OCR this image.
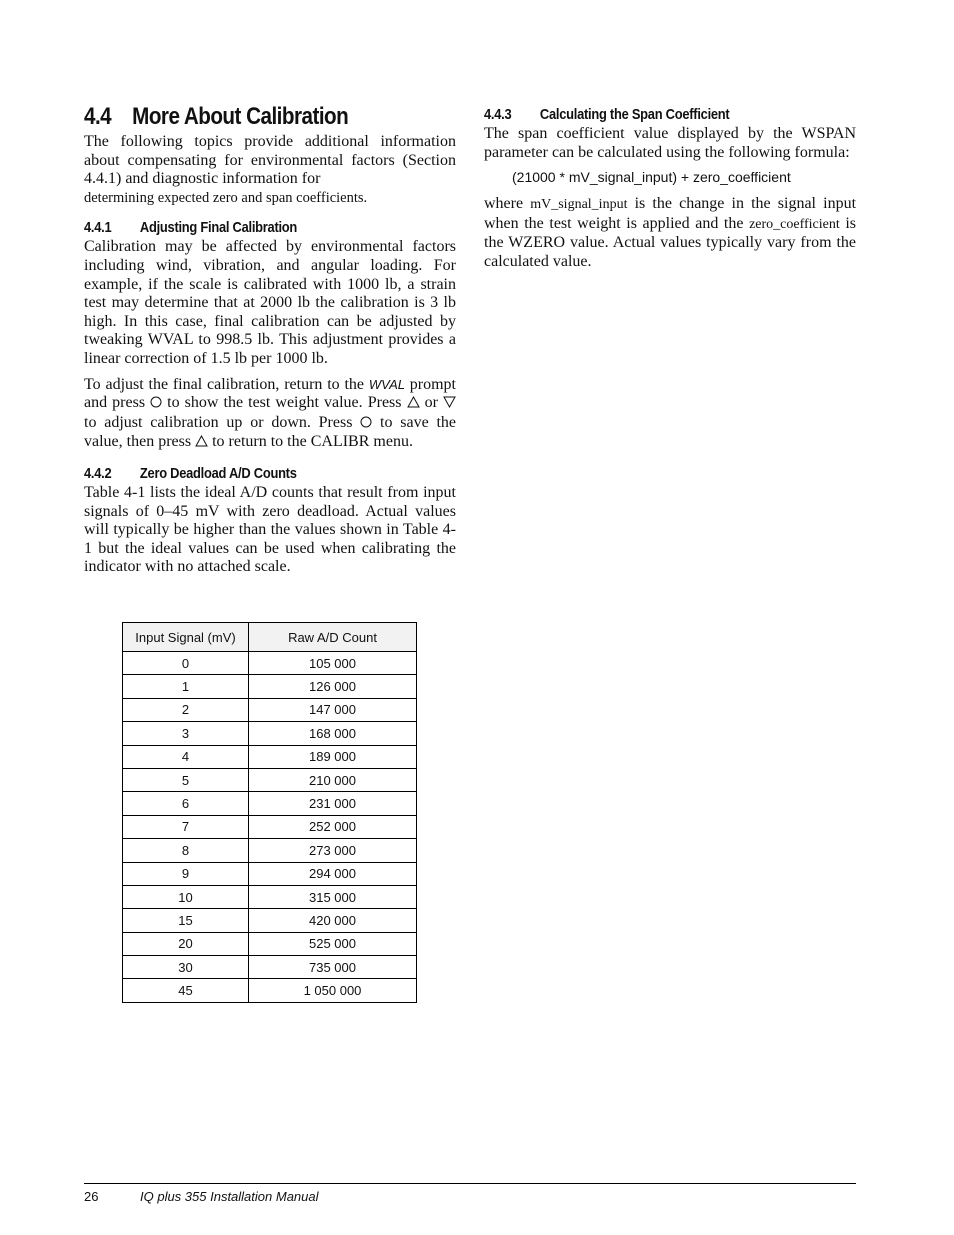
4.4 More About Calibration

The following topics provide additional information about compensating for environmental factors (Section 4.4.1) and diagnostic information for

determining expected zero and span coefficients.

4.4.1 Adjusting Final Calibration

Calibration may be affected by environmental factors including wind, vibration, and angular loading. For example, if the scale is calibrated with 1000 lb, a strain test may determine that at 2000 lb the calibration is 3 lb high. In this case, final calibration can be adjusted by tweaking WVAL to 998.5 lb. This adjustment provides a linear correction of 1.5 lb per 1000 lb.

To adjust the final calibration, return to the WVAL prompt and press to show the test weight value. Press or  to adjust calibration up or down. Press to save the value, then press to return to the CALIBR menu.

4.4.2 Zero Deadload A/D Counts

Table 4-1 lists the ideal A/D counts that result from input signals of 0–45 mV with zero deadload. Actual values will typically be higher than the values shown in Table 4-1 but the ideal values can be used when calibrating the indicator with no attached scale.

Input Signal (mV)	Raw A/D Count
0	105 000
1	126 000
2	147 000
3	168 000
4	189 000
5	210 000
6	231 000
7	252 000
8	273 000
9	294 000
10	315 000
15	420 000
20	525 000
30	735 000
45	1 050 000
4.4.3 Calculating the Span Coefficient

The span coefficient value displayed by the WSPAN parameter can be calculated using the following formula:

(21000 * mV_signal_input) + zero_coefficient

where mV_signal_input is the change in the signal input when the test weight is applied and the zero_coefficient is the WZERO value. Actual values typically vary from the calculated value.

26	IQ plus 355 Installation Manual
